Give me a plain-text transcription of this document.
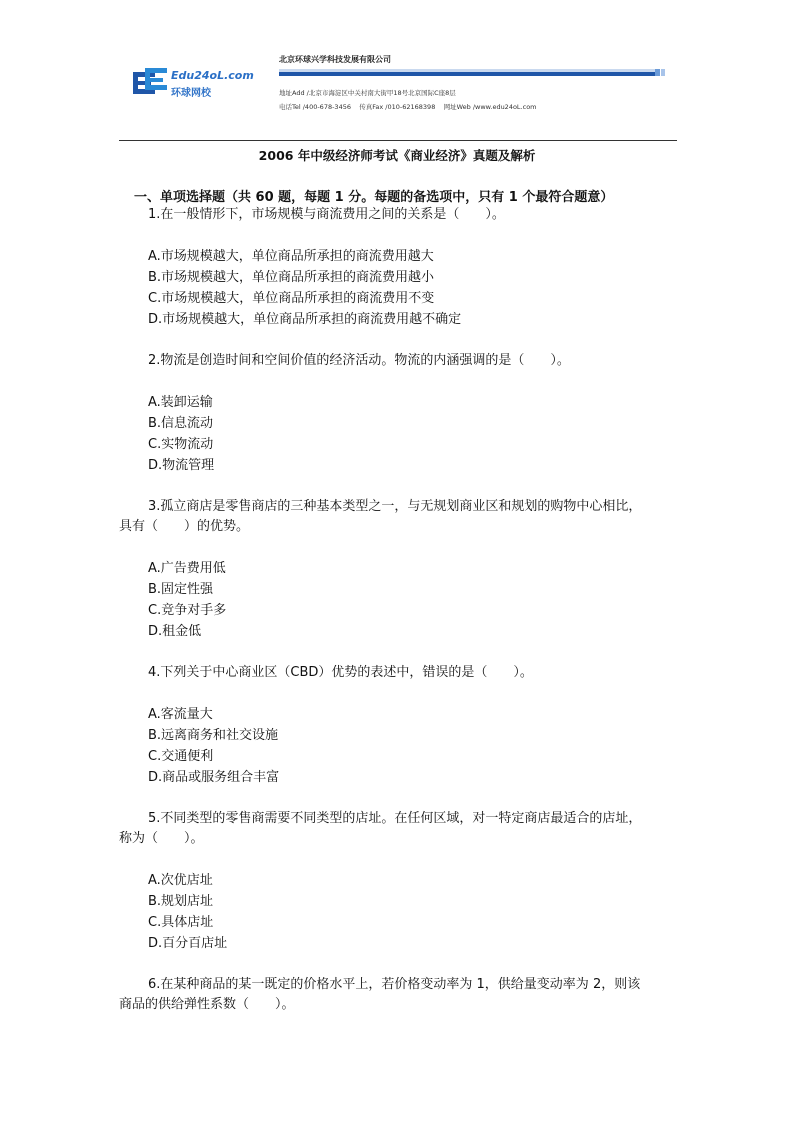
Edu24oL.com
环球网校
北京环球兴学科技发展有限公司
地址Add /北京市海淀区中关村南大街甲18号北京国际C座8层
电话Tel /400-678-3456 传真Fax /010-62168398 网址Web /www.edu24oL.com
2006 年中级经济师考试《商业经济》真题及解析
一、单项选择题（共 60 题，每题 1 分。每题的备选项中，只有 1 个最符合题意）
1.在一般情形下，市场规模与商流费用之间的关系是（　　）。
A.市场规模越大，单位商品所承担的商流费用越大
B.市场规模越大，单位商品所承担的商流费用越小
C.市场规模越大，单位商品所承担的商流费用不变
D.市场规模越大，单位商品所承担的商流费用越不确定
2.物流是创造时间和空间价值的经济活动。物流的内涵强调的是（　　）。
A.装卸运输
B.信息流动
C.实物流动
D.物流管理
3.孤立商店是零售商店的三种基本类型之一，与无规划商业区和规划的购物中心相比，
具有（　　）的优势。
A.广告费用低
B.固定性强
C.竞争对手多
D.租金低
4.下列关于中心商业区（CBD）优势的表述中，错误的是（　　）。
A.客流量大
B.远离商务和社交设施
C.交通便利
D.商品或服务组合丰富
5.不同类型的零售商需要不同类型的店址。在任何区域，对一特定商店最适合的店址，
称为（　　）。
A.次优店址
B.规划店址
C.具体店址
D.百分百店址
6.在某种商品的某一既定的价格水平上，若价格变动率为 1，供给量变动率为 2，则该
商品的供给弹性系数（　　）。
